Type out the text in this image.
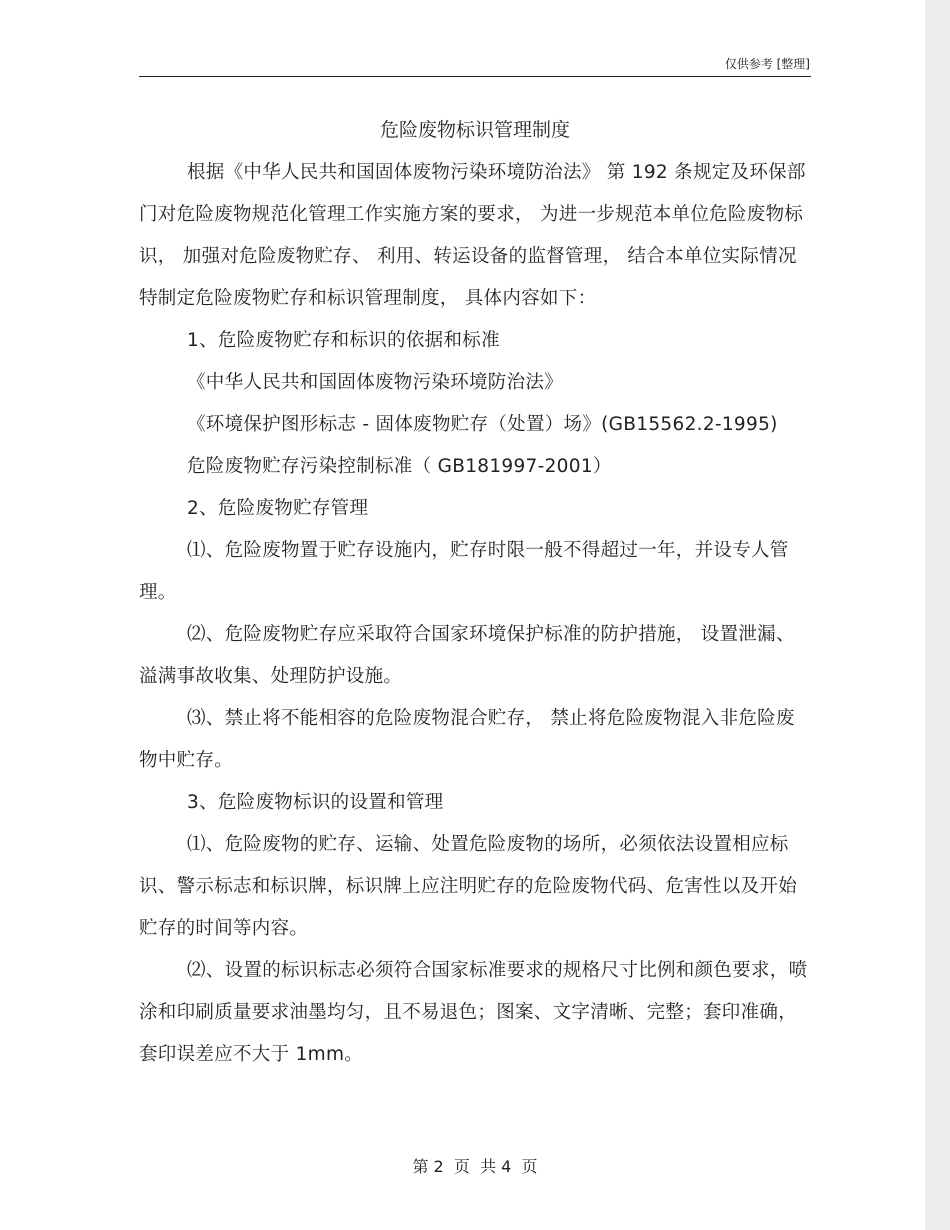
仅供参考 [整理]
危险废物标识管理制度

根据《中华人民共和国固体废物污染环境防治法》 第 192 条规定及环保部门对危险废物规范化管理工作实施方案的要求， 为进一步规范本单位危险废物标识， 加强对危险废物贮存、 利用、转运设备的监督管理， 结合本单位实际情况特制定危险废物贮存和标识管理制度， 具体内容如下：

1、危险废物贮存和标识的依据和标准

《中华人民共和国固体废物污染环境防治法》

《环境保护图形标志 - 固体废物贮存（处置）场》(GB15562.2-1995)

危险废物贮存污染控制标准（ GB181997-2001）

2、危险废物贮存管理

⑴、危险废物置于贮存设施内，贮存时限一般不得超过一年，并设专人管理。

⑵、危险废物贮存应采取符合国家环境保护标准的防护措施， 设置泄漏、溢满事故收集、处理防护设施。

⑶、禁止将不能相容的危险废物混合贮存， 禁止将危险废物混入非危险废物中贮存。

3、危险废物标识的设置和管理

⑴、危险废物的贮存、运输、处置危险废物的场所，必须依法设置相应标识、警示标志和标识牌，标识牌上应注明贮存的危险废物代码、危害性以及开始贮存的时间等内容。

⑵、设置的标识标志必须符合国家标准要求的规格尺寸比例和颜色要求，喷涂和印刷质量要求油墨均匀，且不易退色；图案、文字清晰、完整；套印准确，套印误差应不大于 1mm。

第 2  页  共 4  页
